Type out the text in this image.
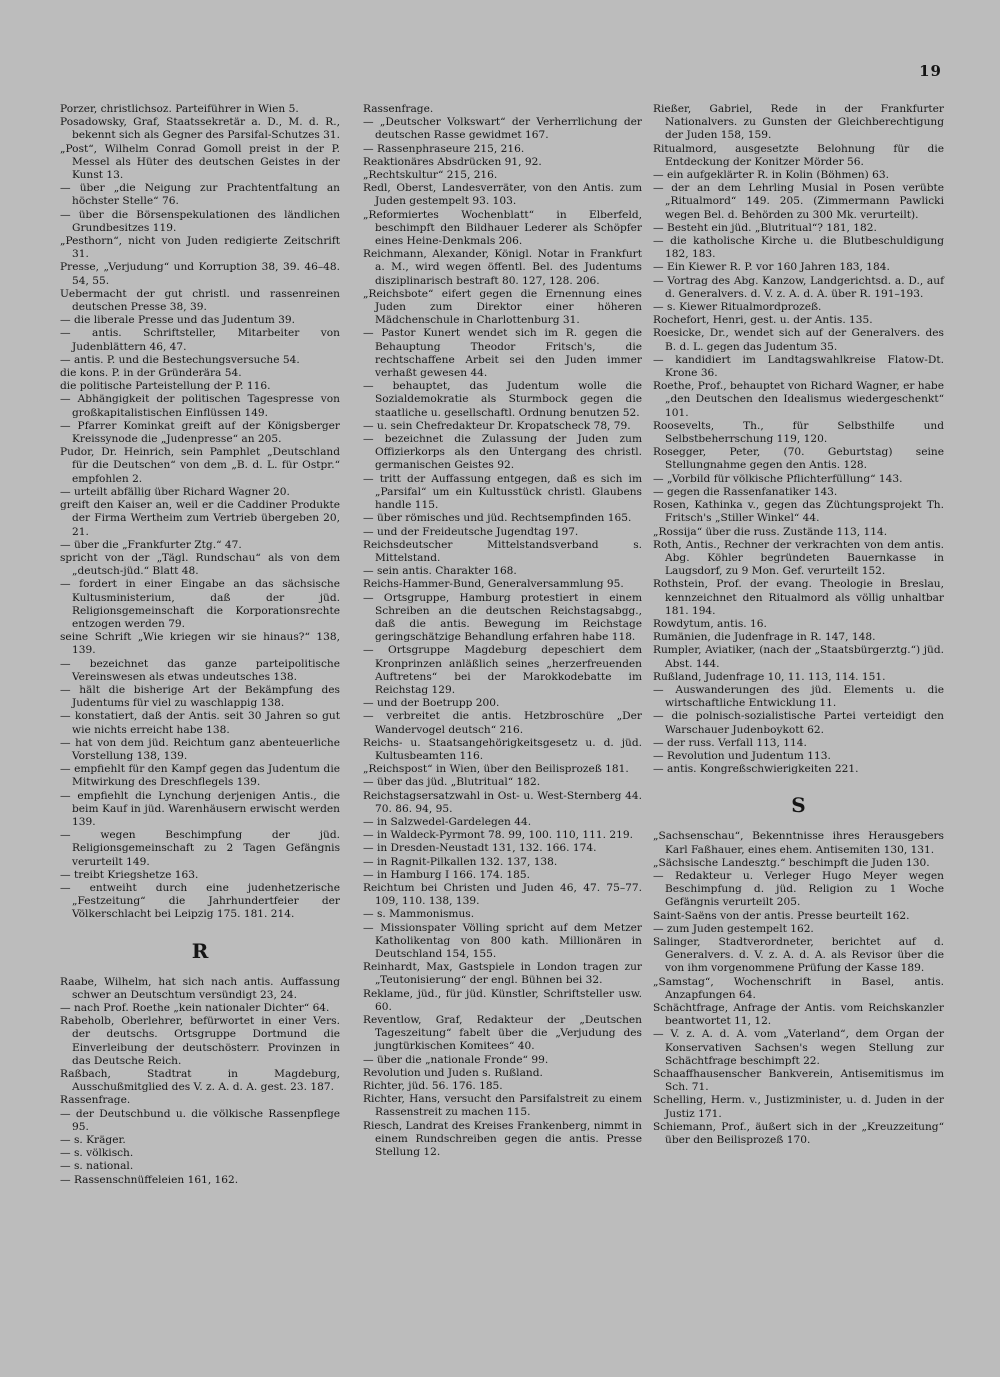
19

Porzer, christlichsoz. Parteiführer in Wien 5.

Posadowsky, Graf, Staatssekretär a. D., M. d. R., bekennt sich als Gegner des Parsifal-Schutzes 31.

„Post“, Wilhelm Conrad Gomoll preist in der P. Messel als Hüter des deutschen Geistes in der Kunst 13.

— über „die Neigung zur Prachtentfaltung an höchster Stelle“ 76.

— über die Börsenspekulationen des ländlichen Grundbesitzes 119.

„Pesthorn“, nicht von Juden redigierte Zeitschrift 31.

Presse, „Verjudung“ und Korruption 38, 39. 46–48. 54, 55.

Uebermacht der gut christl. und rassenreinen deutschen Presse 38, 39.

— die liberale Presse und das Judentum 39.

— antis. Schriftsteller, Mitarbeiter von Judenblättern 46, 47.

— antis. P. und die Bestechungsversuche 54.

die kons. P. in der Gründerära 54.

die politische Parteistellung der P. 116.

— Abhängigkeit der politischen Tagespresse von großkapitalistischen Einflüssen 149.

— Pfarrer Kominkat greift auf der Königsberger Kreissynode die „Judenpresse“ an 205.

Pudor, Dr. Heinrich, sein Pamphlet „Deutschland für die Deutschen“ von dem „B. d. L. für Ostpr.“ empfohlen 2.

— urteilt abfällig über Richard Wagner 20.

greift den Kaiser an, weil er die Caddiner Produkte der Firma Wertheim zum Vertrieb übergeben 20, 21.

— über die „Frankfurter Ztg.“ 47.

spricht von der „Tägl. Rundschau“ als von dem „deutsch-jüd.“ Blatt 48.

— fordert in einer Eingabe an das sächsische Kultusministerium, daß der jüd. Religionsgemeinschaft die Korporationsrechte entzogen werden 79.

seine Schrift „Wie kriegen wir sie hinaus?“ 138, 139.

— bezeichnet das ganze parteipolitische Vereinswesen als etwas undeutsches 138.

— hält die bisherige Art der Bekämpfung des Judentums für viel zu waschlappig 138.

— konstatiert, daß der Antis. seit 30 Jahren so gut wie nichts erreicht habe 138.

— hat von dem jüd. Reichtum ganz abenteuerliche Vorstellung 138, 139.

— empfiehlt für den Kampf gegen das Judentum die Mitwirkung des Dreschflegels 139.

— empfiehlt die Lynchung derjenigen Antis., die beim Kauf in jüd. Warenhäusern erwischt werden 139.

— wegen Beschimpfung der jüd. Religionsgemeinschaft zu 2 Tagen Gefängnis verurteilt 149.

— treibt Kriegshetze 163.

— entweiht durch eine judenhetzerische „Festzeitung“ die Jahrhundertfeier der Völkerschlacht bei Leipzig 175. 181. 214.

R

Raabe, Wilhelm, hat sich nach antis. Auffassung schwer an Deutschtum versündigt 23, 24.

— nach Prof. Roethe „kein nationaler Dichter“ 64.

Rabeholb, Oberlehrer, befürwortet in einer Vers. der deutschs. Ortsgruppe Dortmund die Einverleibung der deutschösterr. Provinzen in das Deutsche Reich.

Raßbach, Stadtrat in Magdeburg, Ausschußmitglied des V. z. A. d. A. gest. 23. 187.

Rassenfrage.

— der Deutschbund u. die völkische Rassenpflege 95.

— s. Kräger.

— s. völkisch.

— s. national.

— Rassenschnüffeleien 161, 162.

Rassenfrage.

— „Deutscher Volkswart“ der Verherrlichung der deutschen Rasse gewidmet 167.

— Rassenphraseure 215, 216.

Reaktionäres Absdrücken 91, 92.

„Rechtskultur“ 215, 216.

Redl, Oberst, Landesverräter, von den Antis. zum Juden gestempelt 93. 103.

„Reformiertes Wochenblatt“ in Elberfeld, beschimpft den Bildhauer Lederer als Schöpfer eines Heine-Denkmals 206.

Reichmann, Alexander, Königl. Notar in Frankfurt a. M., wird wegen öffentl. Bel. des Judentums disziplinarisch bestraft 80. 127, 128. 206.

„Reichsbote“ eifert gegen die Ernennung eines Juden zum Direktor einer höheren Mädchenschule in Charlottenburg 31.

— Pastor Kunert wendet sich im R. gegen die Behauptung Theodor Fritsch's, die rechtschaffene Arbeit sei den Juden immer verhaßt gewesen 44.

— behauptet, das Judentum wolle die Sozialdemokratie als Sturmbock gegen die staatliche u. gesellschaftl. Ordnung benutzen 52.

— u. sein Chefredakteur Dr. Kropatscheck 78, 79.

— bezeichnet die Zulassung der Juden zum Offizierkorps als den Untergang des christl. germanischen Geistes 92.

— tritt der Auffassung entgegen, daß es sich im „Parsifal“ um ein Kultusstück christl. Glaubens handle 115.

— über römisches und jüd. Rechtsempfinden 165.

— und der Freideutsche Jugendtag 197.

Reichsdeutscher Mittelstandsverband s. Mittelstand.

— sein antis. Charakter 168.

Reichs-Hammer-Bund, Generalversammlung 95.

— Ortsgruppe, Hamburg protestiert in einem Schreiben an die deutschen Reichstagsabgg., daß die antis. Bewegung im Reichstage geringschätzige Behandlung erfahren habe 118.

— Ortsgruppe Magdeburg depeschiert dem Kronprinzen anläßlich seines „herzerfreuenden Auftretens“ bei der Marokkodebatte im Reichstag 129.

— und der Boetrupp 200.

— verbreitet die antis. Hetzbroschüre „Der Wandervogel deutsch“ 216.

Reichs- u. Staatsangehörigkeitsgesetz u. d. jüd. Kultusbeamten 116.

„Reichspost“ in Wien, über den Beilisprozeß 181.

— über das jüd. „Blutritual“ 182.

Reichstagsersatzwahl in Ost- u. West-Sternberg 44. 70. 86. 94, 95.

— in Salzwedel-Gardelegen 44.

— in Waldeck-Pyrmont 78. 99, 100. 110, 111. 219.

— in Dresden-Neustadt 131, 132. 166. 174.

— in Ragnit-Pilkallen 132. 137, 138.

— in Hamburg I 166. 174. 185.

Reichtum bei Christen und Juden 46, 47. 75–77. 109, 110. 138, 139.

— s. Mammonismus.

— Missionspater Völling spricht auf dem Metzer Katholikentag von 800 kath. Millionären in Deutschland 154, 155.

Reinhardt, Max, Gastspiele in London tragen zur „Teutonisierung“ der engl. Bühnen bei 32.

Reklame, jüd., für jüd. Künstler, Schriftsteller usw. 60.

Reventlow, Graf, Redakteur der „Deutschen Tageszeitung“ fabelt über die „Verjudung des jungtürkischen Komitees“ 40.

— über die „nationale Fronde“ 99.

Revolution und Juden s. Rußland.

Richter, jüd. 56. 176. 185.

Richter, Hans, versucht den Parsifalstreit zu einem Rassenstreit zu machen 115.

Riesch, Landrat des Kreises Frankenberg, nimmt in einem Rundschreiben gegen die antis. Presse Stellung 12.

Rießer, Gabriel, Rede in der Frankfurter Nationalvers. zu Gunsten der Gleichberechtigung der Juden 158, 159.

Ritualmord, ausgesetzte Belohnung für die Entdeckung der Konitzer Mörder 56.

— ein aufgeklärter R. in Kolin (Böhmen) 63.

— der an dem Lehrling Musial in Posen verübte „Ritualmord“ 149. 205. (Zimmermann Pawlicki wegen Bel. d. Behörden zu 300 Mk. verurteilt).

— Besteht ein jüd. „Blutritual“? 181, 182.

— die katholische Kirche u. die Blutbeschuldigung 182, 183.

— Ein Kiewer R. P. vor 160 Jahren 183, 184.

— Vortrag des Abg. Kanzow, Landgerichtsd. a. D., auf d. Generalvers. d. V. z. A. d. A. über R. 191–193.

— s. Kiewer Ritualmordprozeß.

Rochefort, Henri, gest. u. der Antis. 135.

Roesicke, Dr., wendet sich auf der Generalvers. des B. d. L. gegen das Judentum 35.

— kandidiert im Landtagswahlkreise Flatow-Dt. Krone 36.

Roethe, Prof., behauptet von Richard Wagner, er habe „den Deutschen den Idealismus wiedergeschenkt“ 101.

Roosevelts, Th., für Selbsthilfe und Selbstbeherrschung 119, 120.

Rosegger, Peter, (70. Geburtstag) seine Stellungnahme gegen den Antis. 128.

— „Vorbild für völkische Pflichterfüllung“ 143.

— gegen die Rassenfanatiker 143.

Rosen, Kathinka v., gegen das Züchtungsprojekt Th. Fritsch's „Stiller Winkel“ 44.

„Rossija“ über die russ. Zustände 113, 114.

Roth, Antis., Rechner der verkrachten von dem antis. Abg. Köhler begründeten Bauernkasse in Laugsdorf, zu 9 Mon. Gef. verurteilt 152.

Rothstein, Prof. der evang. Theologie in Breslau, kennzeichnet den Ritualmord als völlig unhaltbar 181. 194.

Rowdytum, antis. 16.

Rumänien, die Judenfrage in R. 147, 148.

Rumpler, Aviatiker, (nach der „Staatsbürgerztg.“) jüd. Abst. 144.

Rußland, Judenfrage 10, 11. 113, 114. 151.

— Auswanderungen des jüd. Elements u. die wirtschaftliche Entwicklung 11.

— die polnisch-sozialistische Partei verteidigt den Warschauer Judenboykott 62.

— der russ. Verfall 113, 114.

— Revolution und Judentum 113.

— antis. Kongreßschwierigkeiten 221.

S

„Sachsenschau“, Bekenntnisse ihres Herausgebers Karl Faßhauer, eines ehem. Antisemiten 130, 131.

„Sächsische Landesztg.“ beschimpft die Juden 130.

— Redakteur u. Verleger Hugo Meyer wegen Beschimpfung d. jüd. Religion zu 1 Woche Gefängnis verurteilt 205.

Saint-Saëns von der antis. Presse beurteilt 162.

— zum Juden gestempelt 162.

Salinger, Stadtverordneter, berichtet auf d. Generalvers. d. V. z. A. d. A. als Revisor über die von ihm vorgenommene Prüfung der Kasse 189.

„Samstag“, Wochenschrift in Basel, antis. Anzapfungen 64.

Schächtfrage, Anfrage der Antis. vom Reichskanzler beantwortet 11, 12.

— V. z. A. d. A. vom „Vaterland“, dem Organ der Konservativen Sachsen's wegen Stellung zur Schächtfrage beschimpft 22.

Schaaffhausenscher Bankverein, Antisemitismus im Sch. 71.

Schelling, Herm. v., Justizminister, u. d. Juden in der Justiz 171.

Schiemann, Prof., äußert sich in der „Kreuzzeitung“ über den Beilisprozeß 170.
